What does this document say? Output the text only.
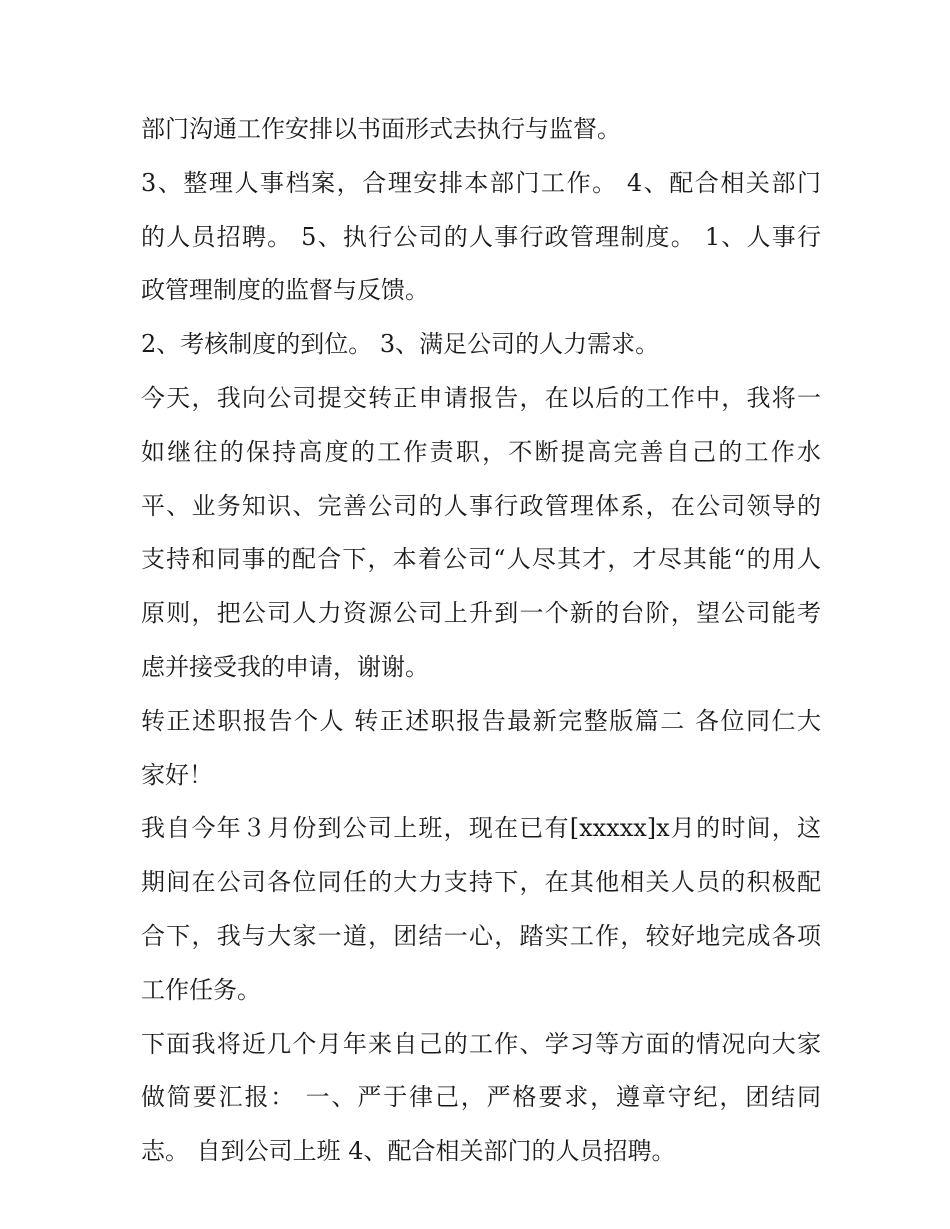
部门沟通工作安排以书面形式去执行与监督。
3、整理人事档案，合理安排本部门工作。 4、配合相关部门
的人员招聘。 5、执行公司的人事行政管理制度。 1、人事行
政管理制度的监督与反馈。
2、考核制度的到位。 3、满足公司的人力需求。
今天，我向公司提交转正申请报告，在以后的工作中，我将一
如继往的保持高度的工作责职，不断提高完善自己的工作水
平、业务知识、完善公司的人事行政管理体系，在公司领导的
支持和同事的配合下，本着公司“人尽其才，才尽其能“的用人
原则，把公司人力资源公司上升到一个新的台阶，望公司能考
虑并接受我的申请，谢谢。
转正述职报告个人 转正述职报告最新完整版篇二 各位同仁大
家好！
我自今年３月份到公司上班，现在已有[xxxxx]x月的时间，这
期间在公司各位同任的大力支持下，在其他相关人员的积极配
合下，我与大家一道，团结一心，踏实工作，较好地完成各项
工作任务。
下面我将近几个月年来自己的工作、学习等方面的情况向大家
做简要汇报： 一、严于律己，严格要求，遵章守纪，团结同
志。 自到公司上班 4、配合相关部门的人员招聘。
